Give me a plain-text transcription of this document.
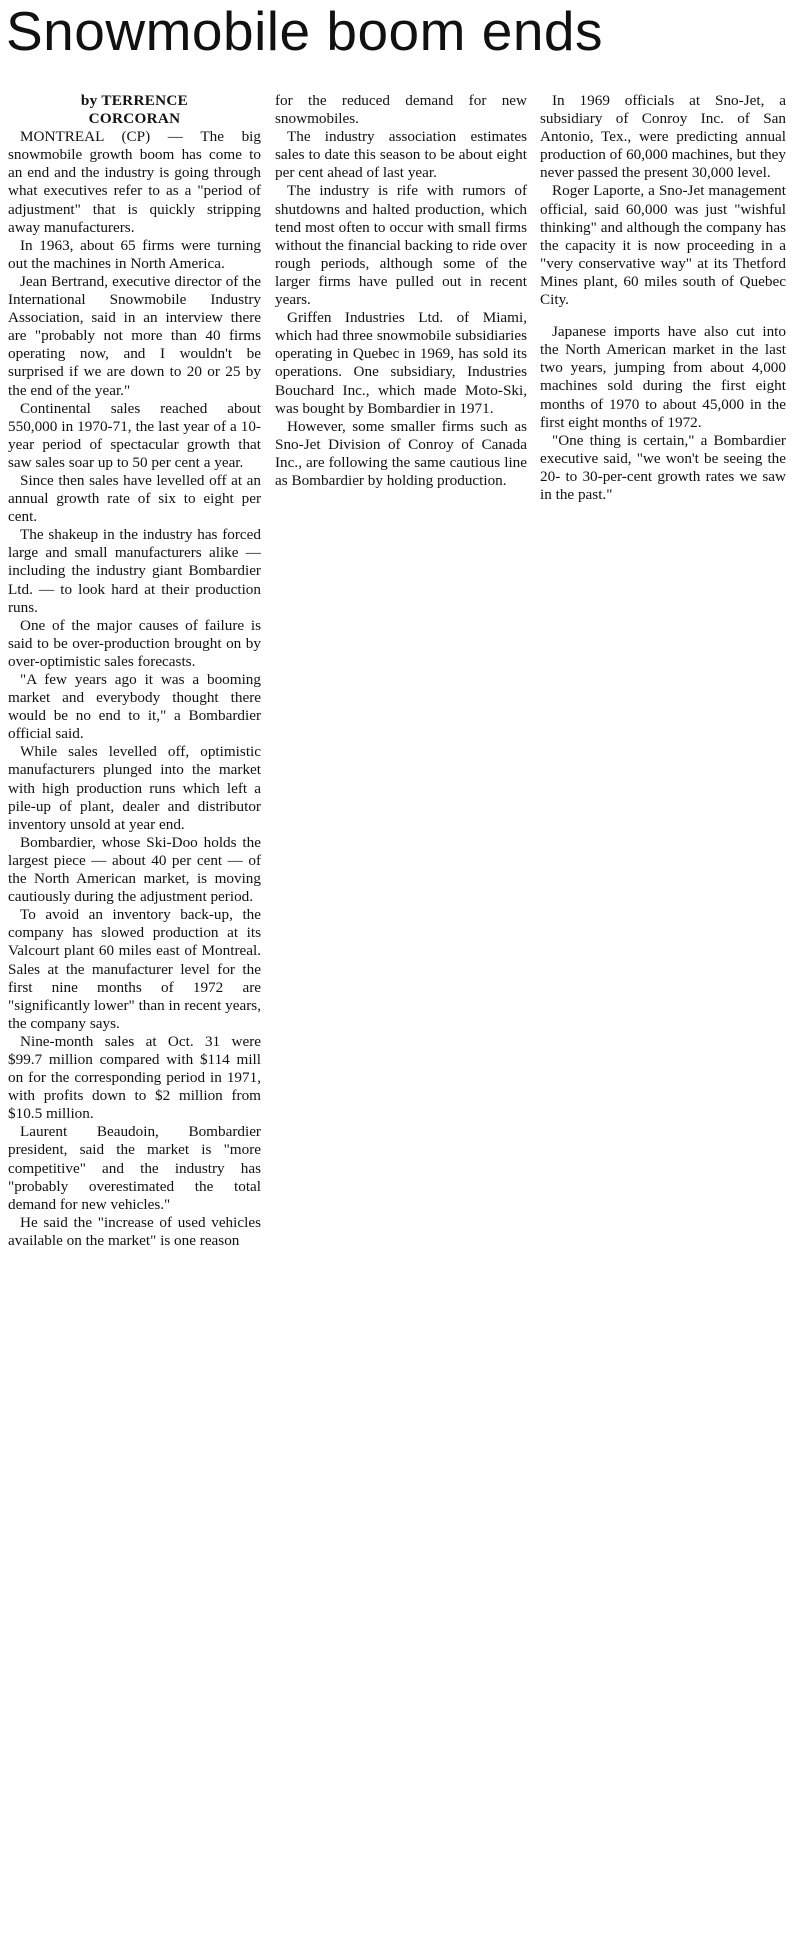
Snowmobile boom ends

by TERRENCE

CORCORAN

MONTREAL (CP) — The big snowmobile growth boom has come to an end and the industry is going through what executives refer to as a "period of adjustment" that is quickly stripping away manufacturers.

In 1963, about 65 firms were turning out the machines in North America.

Jean Bertrand, executive director of the International Snowmobile Industry Association, said in an interview there are "probably not more than 40 firms operating now, and I wouldn't be surprised if we are down to 20 or 25 by the end of the year."

Continental sales reached about 550,000 in 1970-71, the last year of a 10-year period of spectacular growth that saw sales soar up to 50 per cent a year.

Since then sales have levelled off at an annual growth rate of six to eight per cent.

The shakeup in the industry has forced large and small manufacturers alike — including the industry giant Bombardier Ltd. — to look hard at their production runs.

One of the major causes of failure is said to be over-production brought on by over-optimistic sales forecasts.

"A few years ago it was a booming market and everybody thought there would be no end to it," a Bombardier official said.

While sales levelled off, optimistic manufacturers plunged into the market with high production runs which left a pile-up of plant, dealer and distributor inventory unsold at year end.

Bombardier, whose Ski-Doo holds the largest piece — about 40 per cent — of the North American market, is moving cautiously during the adjustment period.

To avoid an inventory back-up, the company has slowed production at its Valcourt plant 60 miles east of Montreal. Sales at the manufacturer level for the first nine months of 1972 are "significantly lower" than in recent years, the company says.

Nine-month sales at Oct. 31 were $99.7 million compared with $114 mill on for the corresponding period in 1971, with profits down to $2 million from $10.5 million.

Laurent Beaudoin, Bombardier president, said the market is "more competitive" and the industry has "probably overestimated the total demand for new vehicles."

He said the "increase of used vehicles available on the market" is one reason

for the reduced demand for new snowmobiles.

The industry association estimates sales to date this season to be about eight per cent ahead of last year.

The industry is rife with rumors of shutdowns and halted production, which tend most often to occur with small firms without the financial backing to ride over rough periods, although some of the larger firms have pulled out in recent years.

Griffen Industries Ltd. of Miami, which had three snowmobile subsidiaries operating in Quebec in 1969, has sold its operations. One subsidiary, Industries Bouchard Inc., which made Moto-Ski, was bought by Bombardier in 1971.

However, some smaller firms such as Sno-Jet Division of Conroy of Canada Inc., are following the same cautious line as Bombardier by holding production.

In 1969 officials at Sno-Jet, a subsidiary of Conroy Inc. of San Antonio, Tex., were predicting annual production of 60,000 machines, but they never passed the present 30,000 level.

Roger Laporte, a Sno-Jet management official, said 60,000 was just "wishful thinking" and although the company has the capacity it is now proceeding in a "very conservative way" at its Thetford Mines plant, 60 miles south of Quebec City.

Japanese imports have also cut into the North American market in the last two years, jumping from about 4,000 machines sold during the first eight months of 1970 to about 45,000 in the first eight months of 1972.

"One thing is certain," a Bombardier executive said, "we won't be seeing the 20- to 30-per-cent growth rates we saw in the past."
